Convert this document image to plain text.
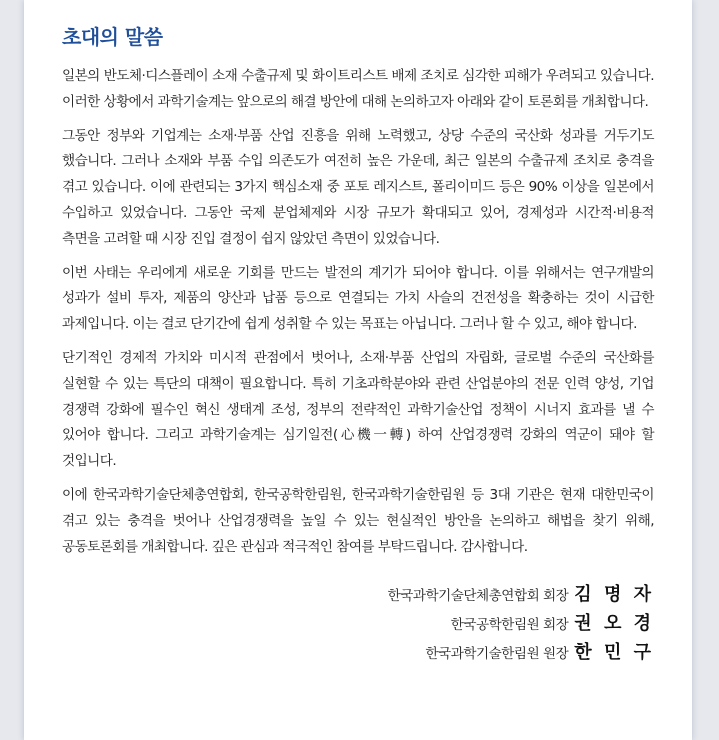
초대의 말씀

일본의 반도체·디스플레이 소재 수출규제 및 화이트리스트 배제 조치로 심각한 피해가 우려되고 있습니다. 이러한 상황에서 과학기술계는 앞으로의 해결 방안에 대해 논의하고자 아래와 같이 토론회를 개최합니다.

그동안 정부와 기업계는 소재·부품 산업 진흥을 위해 노력했고, 상당 수준의 국산화 성과를 거두기도 했습니다. 그러나 소재와 부품 수입 의존도가 여전히 높은 가운데, 최근 일본의 수출규제 조치로 충격을 겪고 있습니다. 이에 관련되는 3가지 핵심소재 중 포토 레지스트, 폴리이미드 등은 90% 이상을 일본에서 수입하고 있었습니다. 그동안 국제 분업체제와 시장 규모가 확대되고 있어, 경제성과 시간적·비용적 측면을 고려할 때 시장 진입 결정이 쉽지 않았던 측면이 있었습니다.

이번 사태는 우리에게 새로운 기회를 만드는 발전의 계기가 되어야 합니다. 이를 위해서는 연구개발의 성과가 설비 투자, 제품의 양산과 납품 등으로 연결되는 가치 사슬의 건전성을 확충하는 것이 시급한 과제입니다. 이는 결코 단기간에 쉽게 성취할 수 있는 목표는 아닙니다. 그러나 할 수 있고, 해야 합니다.

단기적인 경제적 가치와 미시적 관점에서 벗어나, 소재·부품 산업의 자립화, 글로벌 수준의 국산화를 실현할 수 있는 특단의 대책이 필요합니다. 특히 기초과학분야와 관련 산업분야의 전문 인력 양성, 기업 경쟁력 강화에 필수인 혁신 생태계 조성, 정부의 전략적인 과학기술산업 정책이 시너지 효과를 낼 수 있어야 합니다. 그리고 과학기술계는 심기일전(心機一轉) 하여 산업경쟁력 강화의 역군이 돼야 할 것입니다.

이에 한국과학기술단체총연합회, 한국공학한림원, 한국과학기술한림원 등 3대 기관은 현재 대한민국이 겪고 있는 충격을 벗어나 산업경쟁력을 높일 수 있는 현실적인 방안을 논의하고 해법을 찾기 위해, 공동토론회를 개최합니다. 깊은 관심과 적극적인 참여를 부탁드립니다. 감사합니다.

한국과학기술단체총연합회 회장 김 명 자
한국공학한림원 회장 권 오 경
한국과학기술한림원 원장 한 민 구
